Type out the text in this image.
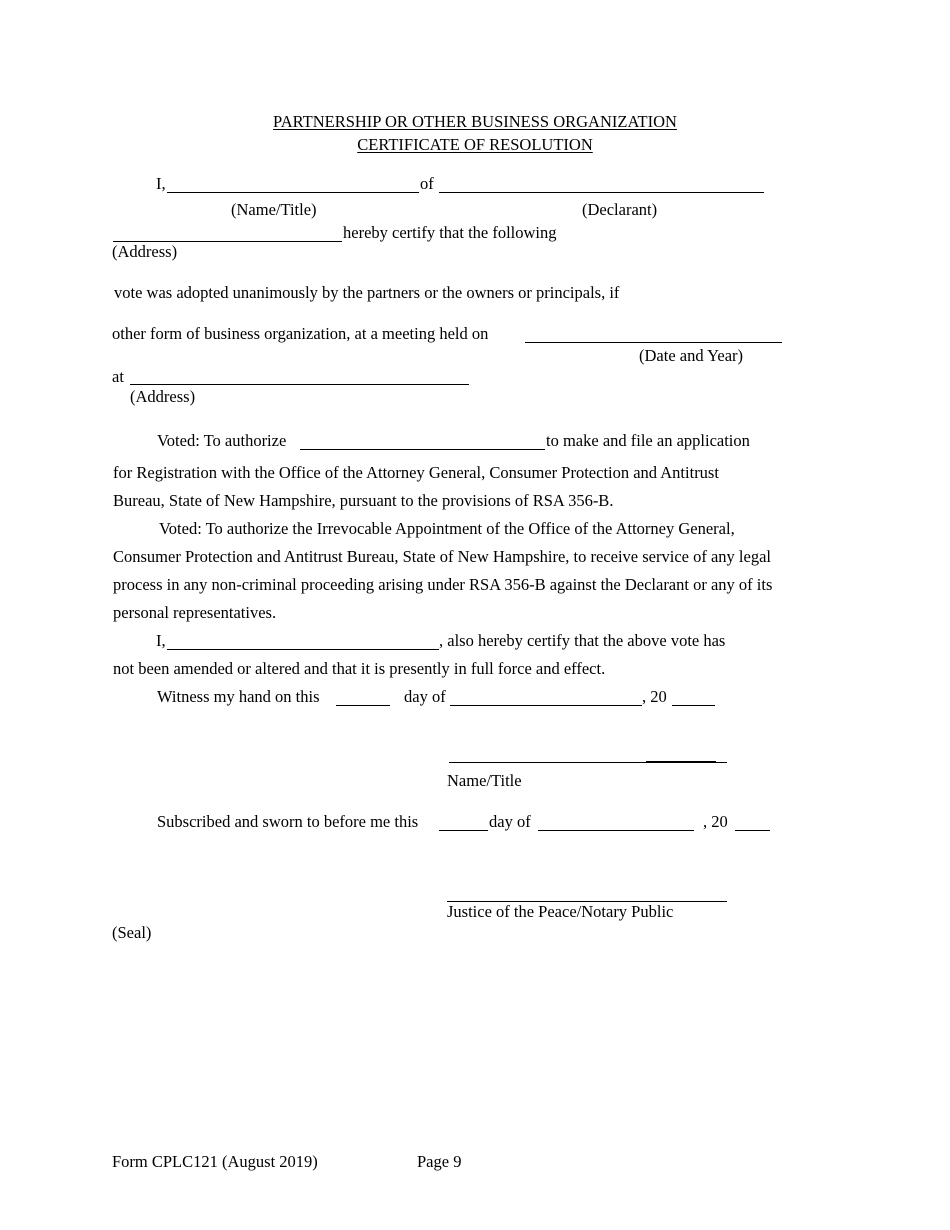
PARTNERSHIP OR OTHER BUSINESS ORGANIZATION
CERTIFICATE OF RESOLUTION
I,	of
(Name/Title)	(Declarant)
hereby certify that the following
(Address)
vote was adopted unanimously by the partners or the owners or principals, if
other form of business organization, at a meeting held on
(Date and Year)
at
(Address)
Voted: To authorize	to make and file an application
for Registration with the Office of the Attorney General, Consumer Protection and Antitrust
Bureau, State of New Hampshire, pursuant to the provisions of RSA 356-B.
Voted: To authorize the Irrevocable Appointment of the Office of the Attorney General,
Consumer Protection and Antitrust Bureau, State of New Hampshire, to receive service of any legal
process in any non-criminal proceeding arising under RSA 356-B against the Declarant or any of its
personal representatives.
I,	, also hereby certify that the above vote has
not been amended or altered and that it is presently in full force and effect.
Witness my hand on this	day of	, 20
Name/Title
Subscribed and sworn to before me this	day of	, 20
Justice of the Peace/Notary Public
(Seal)
Form CPLC121 (August 2019)	Page 9
